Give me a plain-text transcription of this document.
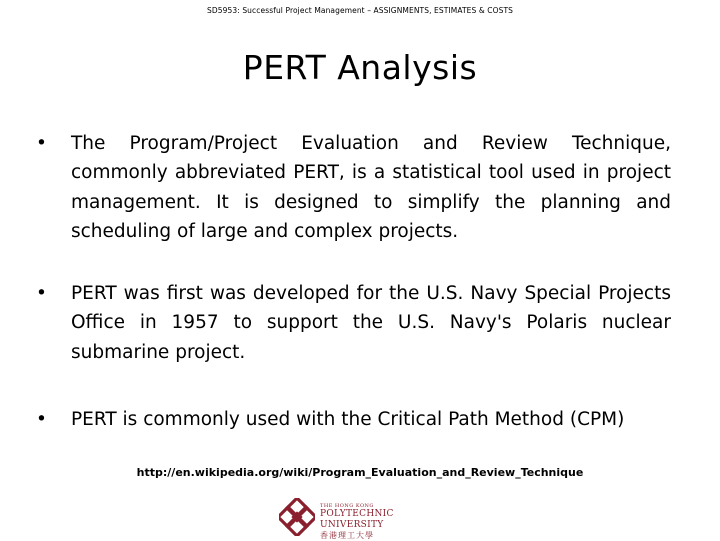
SD5953: Successful Project Management – ASSIGNMENTS, ESTIMATES & COSTS
PERT Analysis
• The Program/Project Evaluation and Review Technique, commonly abbreviated PERT, is a statistical tool used in project management. It is designed to simplify the planning and scheduling of large and complex projects.
• PERT was first was developed for the U.S. Navy Special Projects Office in 1957 to support the U.S. Navy's Polaris nuclear submarine project.
• PERT is commonly used with the Critical Path Method (CPM)
http://en.wikipedia.org/wiki/Program_Evaluation_and_Review_Technique
THE HONG KONG
POLYTECHNIC UNIVERSITY
香港理工大學
